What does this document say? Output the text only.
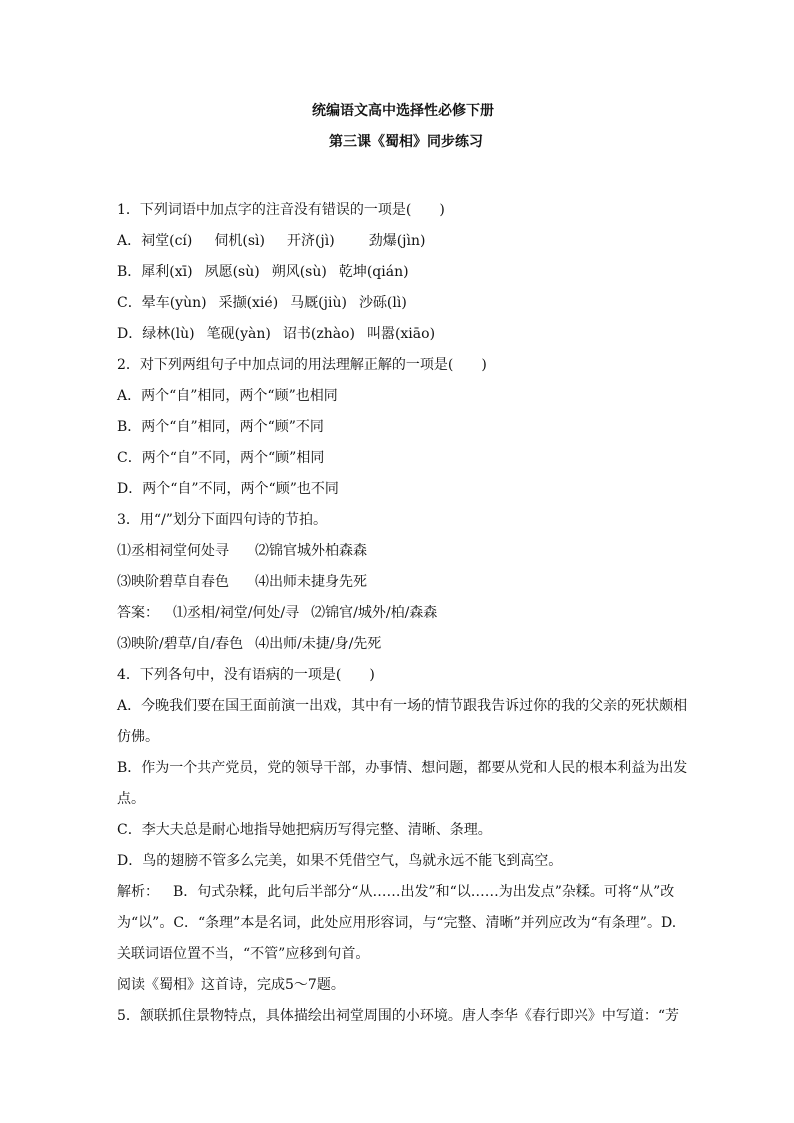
统编语文高中选择性必修下册
第三课《蜀相》同步练习
1．下列词语中加点字的注音没有错误的一项是(　　)
A．祠堂(cí) 伺机(sì) 开济(jì) 劲爆(jìn)
B．犀利(xī) 夙愿(sù) 朔风(sù) 乾坤(qián)
C．晕车(yùn) 采撷(xié) 马厩(jiù) 沙砾(lì)
D．绿林(lù) 笔砚(yàn) 诏书(zhào) 叫嚣(xiāo)
2．对下列两组句子中加点词的用法理解正解的一项是(　　)
A．两个“自”相同，两个“顾”也相同
B．两个“自”相同，两个“顾”不同
C．两个“自”不同，两个“顾”相同
D．两个“自”不同，两个“顾”也不同
3．用“/”划分下面四句诗的节拍。
⑴丞相祠堂何处寻 ⑵锦官城外柏森森
⑶映阶碧草自春色 ⑷出师未捷身先死
答案： ⑴丞相/祠堂/何处/寻 ⑵锦官/城外/柏/森森
⑶映阶/碧草/自/春色 ⑷出师/未捷/身/先死
4．下列各句中，没有语病的一项是(　　)
A．今晚我们要在国王面前演一出戏，其中有一场的情节跟我告诉过你的我的父亲的死状颇相仿佛。
B．作为一个共产党员，党的领导干部，办事情、想问题，都要从党和人民的根本利益为出发点。
C．李大夫总是耐心地指导她把病历写得完整、清晰、条理。
D．鸟的翅膀不管多么完美，如果不凭借空气，鸟就永远不能飞到高空。
解析： B．句式杂糅，此句后半部分“从……出发”和“以……为出发点”杂糅。可将“从”改为“以”。C．“条理”本是名词，此处应用形容词，与“完整、清晰”并列应改为“有条理”。D.关联词语位置不当，“不管”应移到句首。
阅读《蜀相》这首诗，完成5～7题。
5．颔联抓住景物特点，具体描绘出祠堂周围的小环境。唐人李华《春行即兴》中写道：“芳
